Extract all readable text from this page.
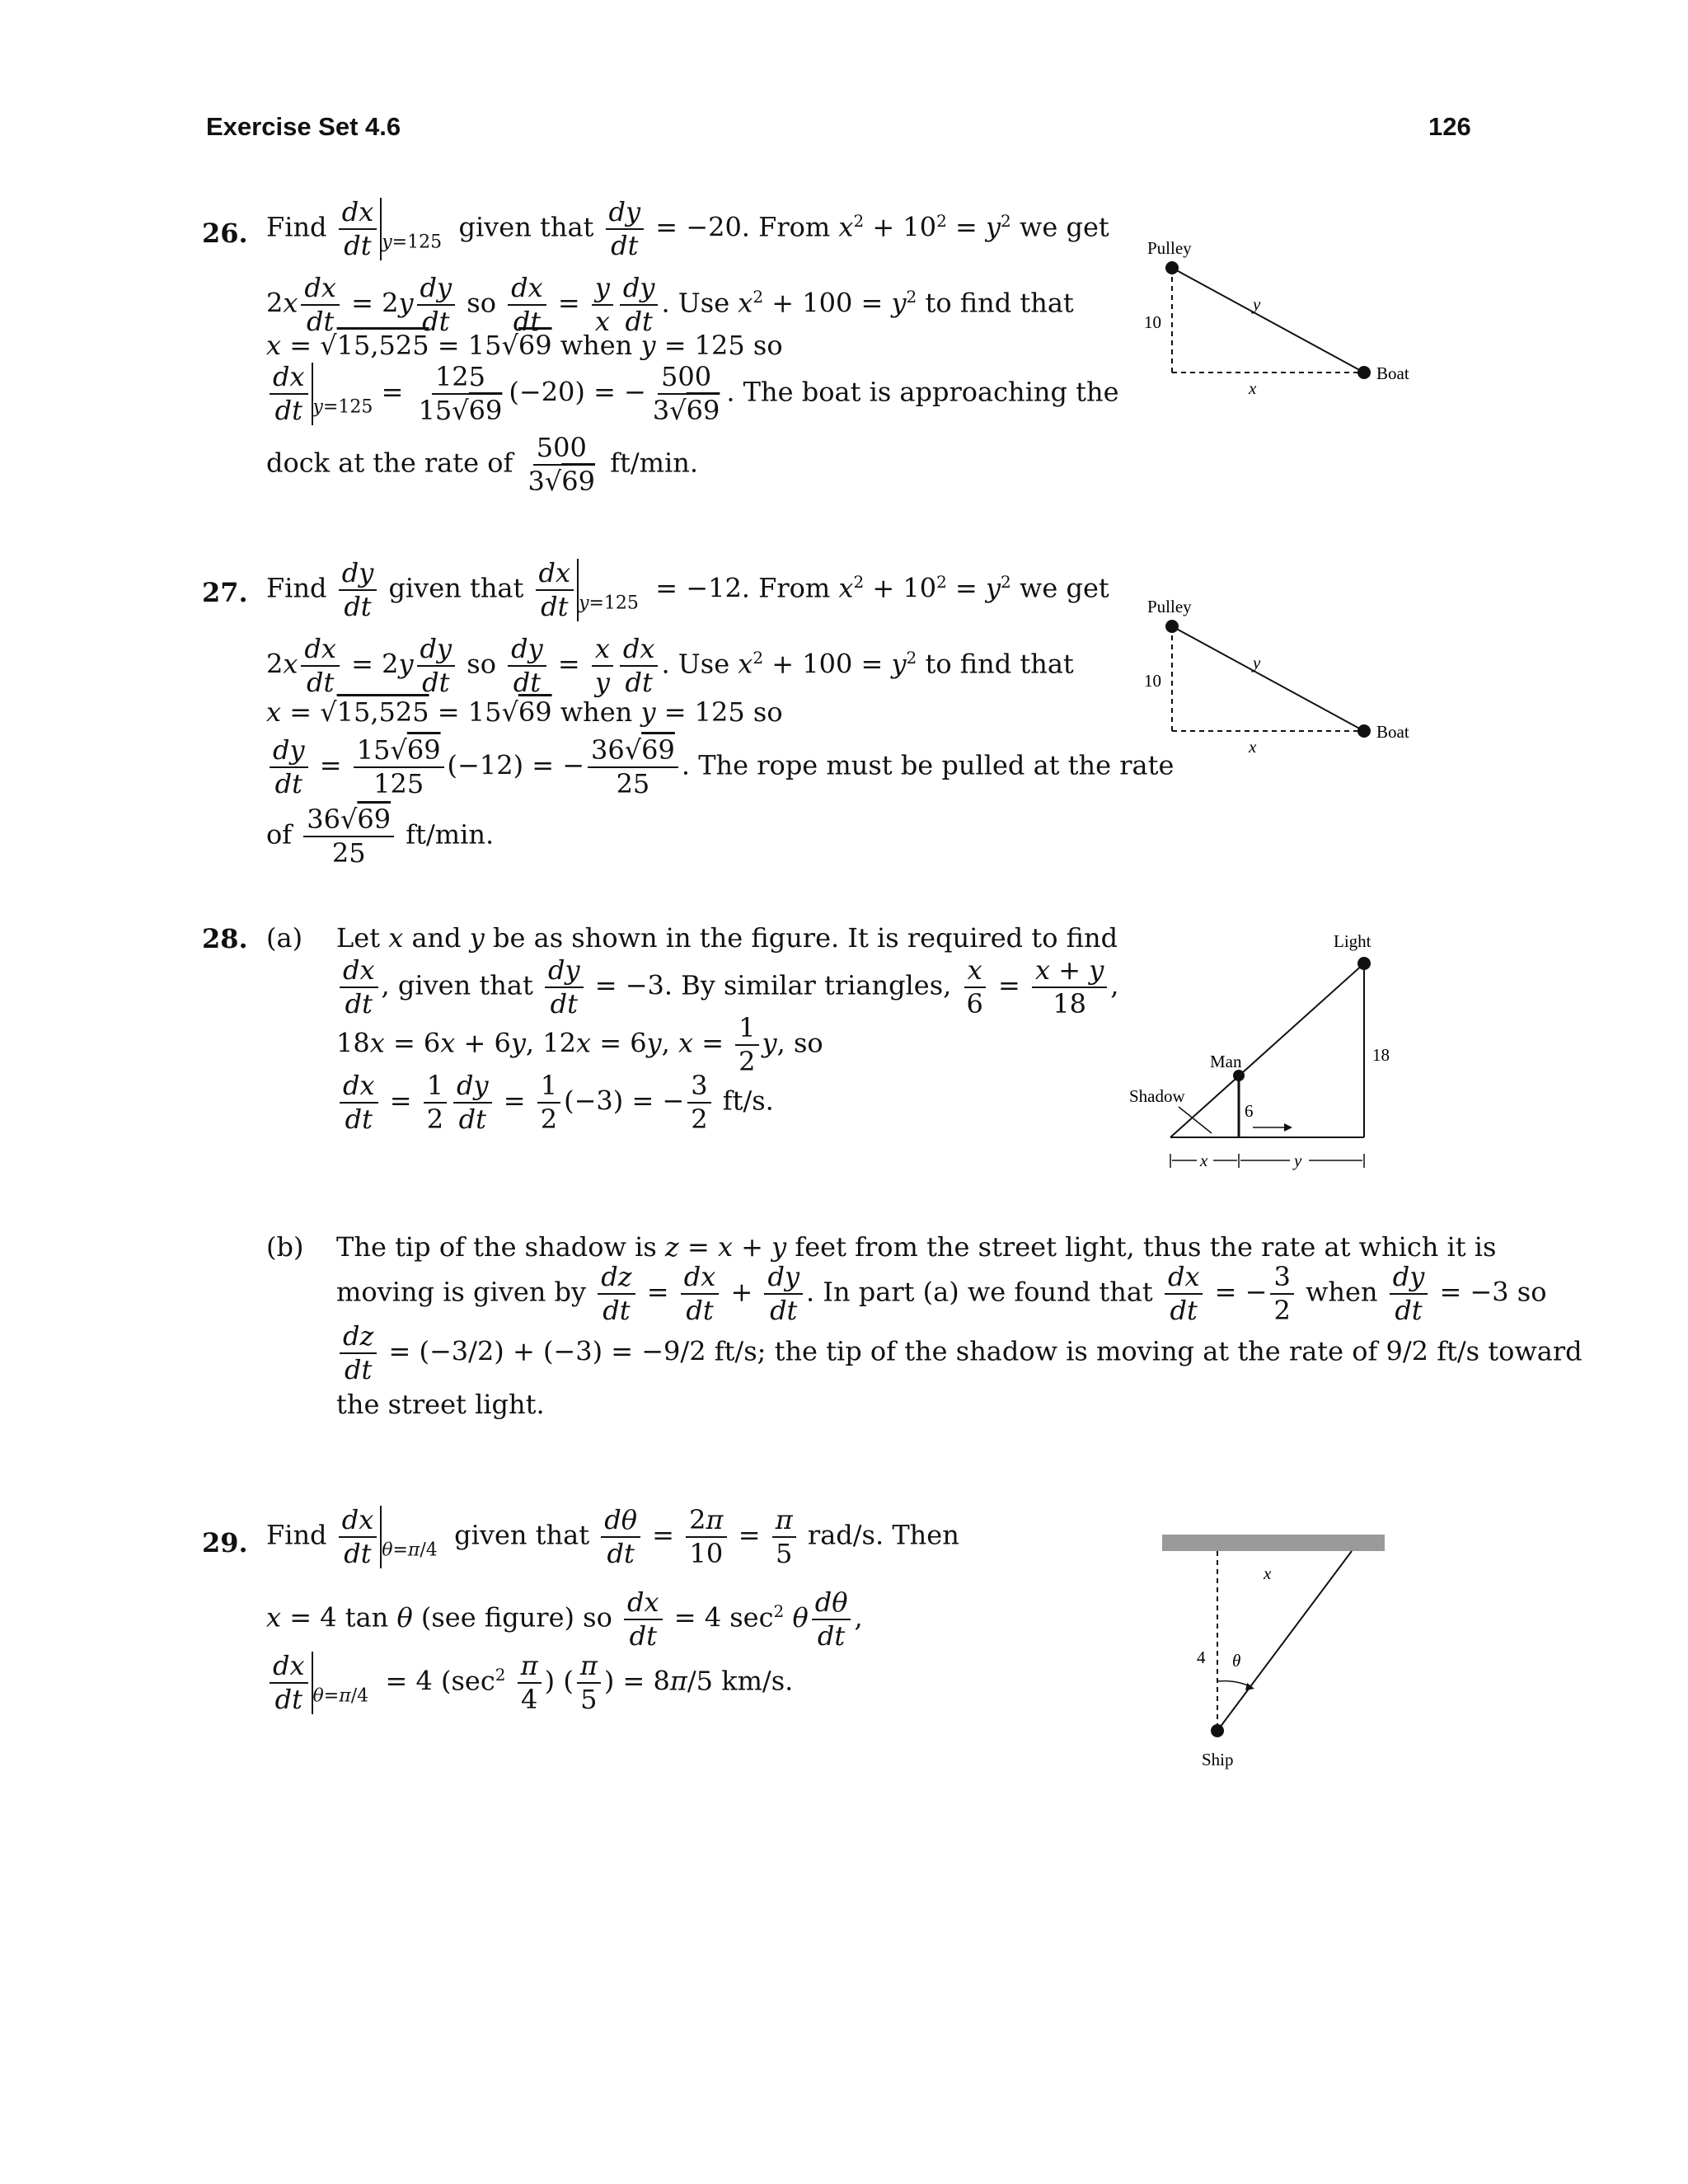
Exercise Set 4.6	126
26. Find $\frac{dx}{dt} _{y=125}$  given that $\frac{dy}{dt} = -20$. From $x^2 + 10^2 = y^2$ we get
$2x \frac{dx}{dt} = 2y \frac{dy}{dt}$ so $\frac{dx}{dt} = \frac{y}{x} \frac{dy}{dt}$ . Use $x^2 + 100 = y^2$ to find that
x = √15,525 = 15√69 when y = 125 so
$\frac{dx}{dt} _{y=125} = \frac{125}{15√69} (-20)$ = − $\frac{500}{3√69}$ . The boat is approaching the
dock at the rate of $\frac{500}{3√69} ft/\min$.
Pulley
Boat
10
y
x
27. Find $\frac{dy}{dt}$ given that $\frac{dx}{dt} _{y=125} = -12$. From $x^2 + 10^2 = y^2$ we get
$2x \frac{dx}{dt} = 2y \frac{dy}{dt}$ so $\frac{dy}{dt} = \frac{x}{y} \frac{dx}{dt}$ . Use $x^2 + 100 = y^2$ to find that
x = √15,525 = 15√69 when y = 125 so
$\frac{dy}{dt} = \frac{15√69}{125} (-12)$ = − $\frac{36√69}{25}$ . The rope must be pulled at the rate
of $\frac{36√69}{25} ft/\min$.
Pulley
Boat
10
y
x
28. (a) Let x and y be as shown in the figure. It is required to find
$\frac{dx}{dt}$ , given that $\frac{dy}{dt} = -3$. By similar triangles, $\frac{x}{6} = \frac{x + y}{18}$ ,
18x = 6x + 6y, 12x = 6y, $x = \frac{1}{2} y$, so
$\frac{dx}{dt} = \frac{1}{2} \frac{dy}{dt} = \frac{1}{2} (-3)$ = − $\frac{3}{2} ft/s$.
Light
Man
Shadow
6
18
x	y
(b) The tip of the shadow is z = x + y feet from the street light, thus the rate at which it is
moving is given by $\frac{dz}{dt} = \frac{dx}{dt} + \frac{dy}{dt}$ . In part (a) we found that $\frac{dx}{dt}$ = − $\frac{3}{2}$ when $\frac{dy}{dt} = -3$ so
$\frac{dz}{dt} = (-3/2) + (-3) = -9/2$ ft/s; the tip of the shadow is moving at the rate of 9/2 ft/s toward
the street light.
29. Find $\frac{dx}{dt} _{\theta=\pi/4}$  given that $\frac{d\theta}{dt} = \frac{2\pi}{10} = \frac{\pi}{5} rad/s$. Then
x = 4 tan θ (see figure) so $\frac{dx}{dt} = 4$ $\sec^2 \theta \frac{d\theta}{dt}$ ,
$\frac{dx}{dt} _{\theta=\pi/4} = 4$ ($\sec^2 \frac{\pi}{4}$ ) ( $\frac{\pi}{5}$ ) = 8π/5 km/s.
Ship
4
x
θ
